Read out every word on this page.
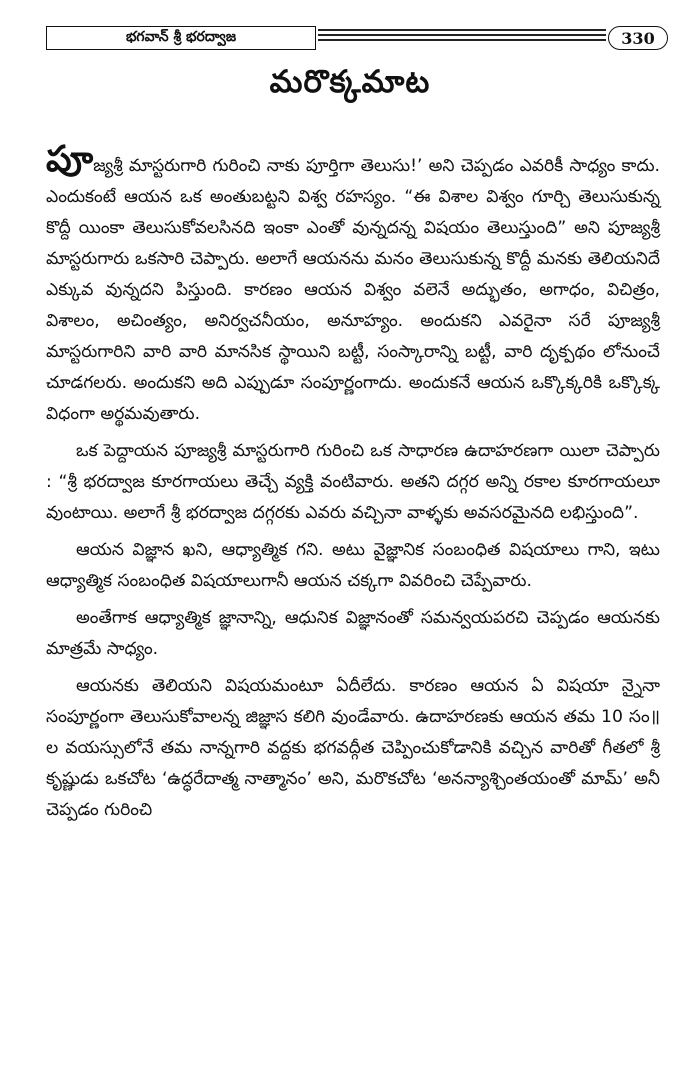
భగవాన్ శ్రీ భరద్వాజ	330
మరొక్కమాట

పూజ్యశ్రీ మాస్టరుగారి గురించి నాకు పూర్తిగా తెలుసు!’ అని చెప్పడం ఎవరికీ సాధ్యం కాదు. ఎందుకంటే ఆయన ఒక అంతుబట్టని విశ్వ రహస్యం. “ఈ విశాల విశ్వం గూర్చి తెలుసుకున్న కొద్దీ యింకా తెలుసుకోవలసినది ఇంకా ఎంతో వున్నదన్న విషయం తెలుస్తుంది” అని పూజ్యశ్రీ మాస్టరుగారు ఒకసారి చెప్పారు. అలాగే ఆయనను మనం తెలుసుకున్న కొద్దీ మనకు తెలియనిదే ఎక్కువ వున్నదని పిస్తుంది. కారణం ఆయన విశ్వం వలెనే అద్భుతం, అగాధం, విచిత్రం, విశాలం, అచింత్యం, అనిర్వచనీయం, అనూహ్యం. అందుకని ఎవరైనా సరే పూజ్యశ్రీ మాస్టరుగారిని వారి వారి మానసిక స్థాయిని బట్టీ, సంస్కారాన్ని బట్టీ, వారి దృక్పథం లోనుంచే చూడగలరు. అందుకని అది ఎప్పుడూ సంపూర్ణంగాదు. అందుకనే ఆయన ఒక్కొక్కరికి ఒక్కొక్క విధంగా అర్థమవుతారు.

ఒక పెద్దాయన పూజ్యశ్రీ మాస్టరుగారి గురించి ఒక సాధారణ ఉదాహరణగా యిలా చెప్పారు : “శ్రీ భరద్వాజ కూరగాయలు తెచ్చే వ్యక్తి వంటివారు. అతని దగ్గర అన్ని రకాల కూరగాయలూ వుంటాయి. అలాగే శ్రీ భరద్వాజ దగ్గరకు ఎవరు వచ్చినా వాళ్ళకు అవసరమైనది లభిస్తుంది”.

ఆయన విజ్ఞాన ఖని, ఆధ్యాత్మిక గని. అటు వైజ్ఞానిక సంబంధిత విషయాలు గాని, ఇటు ఆధ్యాత్మిక సంబంధిత విషయాలుగానీ ఆయన చక్కగా వివరించి చెప్పేవారు.

అంతేగాక ఆధ్యాత్మిక జ్ఞానాన్ని, ఆధునిక విజ్ఞానంతో సమన్వయపరచి చెప్పడం ఆయనకు మాత్రమే సాధ్యం.

ఆయనకు తెలియని విషయమంటూ ఏదీలేదు. కారణం ఆయన ఏ విషయా న్నైనా సంపూర్ణంగా తెలుసుకోవాలన్న జిజ్ఞాస కలిగి వుండేవారు. ఉదాహరణకు ఆయన తమ 10 సం॥ల వయస్సులోనే తమ నాన్నగారి వద్దకు భగవద్గీత చెప్పించుకోడానికి వచ్చిన వారితో గీతలో శ్రీ కృష్ణుడు ఒకచోట ‘ఉద్ధరేదాత్మ నాత్మానం’ అని, మరొకచోట ‘అనన్యాశ్చింతయంతో మామ్’ అనీ చెప్పడం గురించి
